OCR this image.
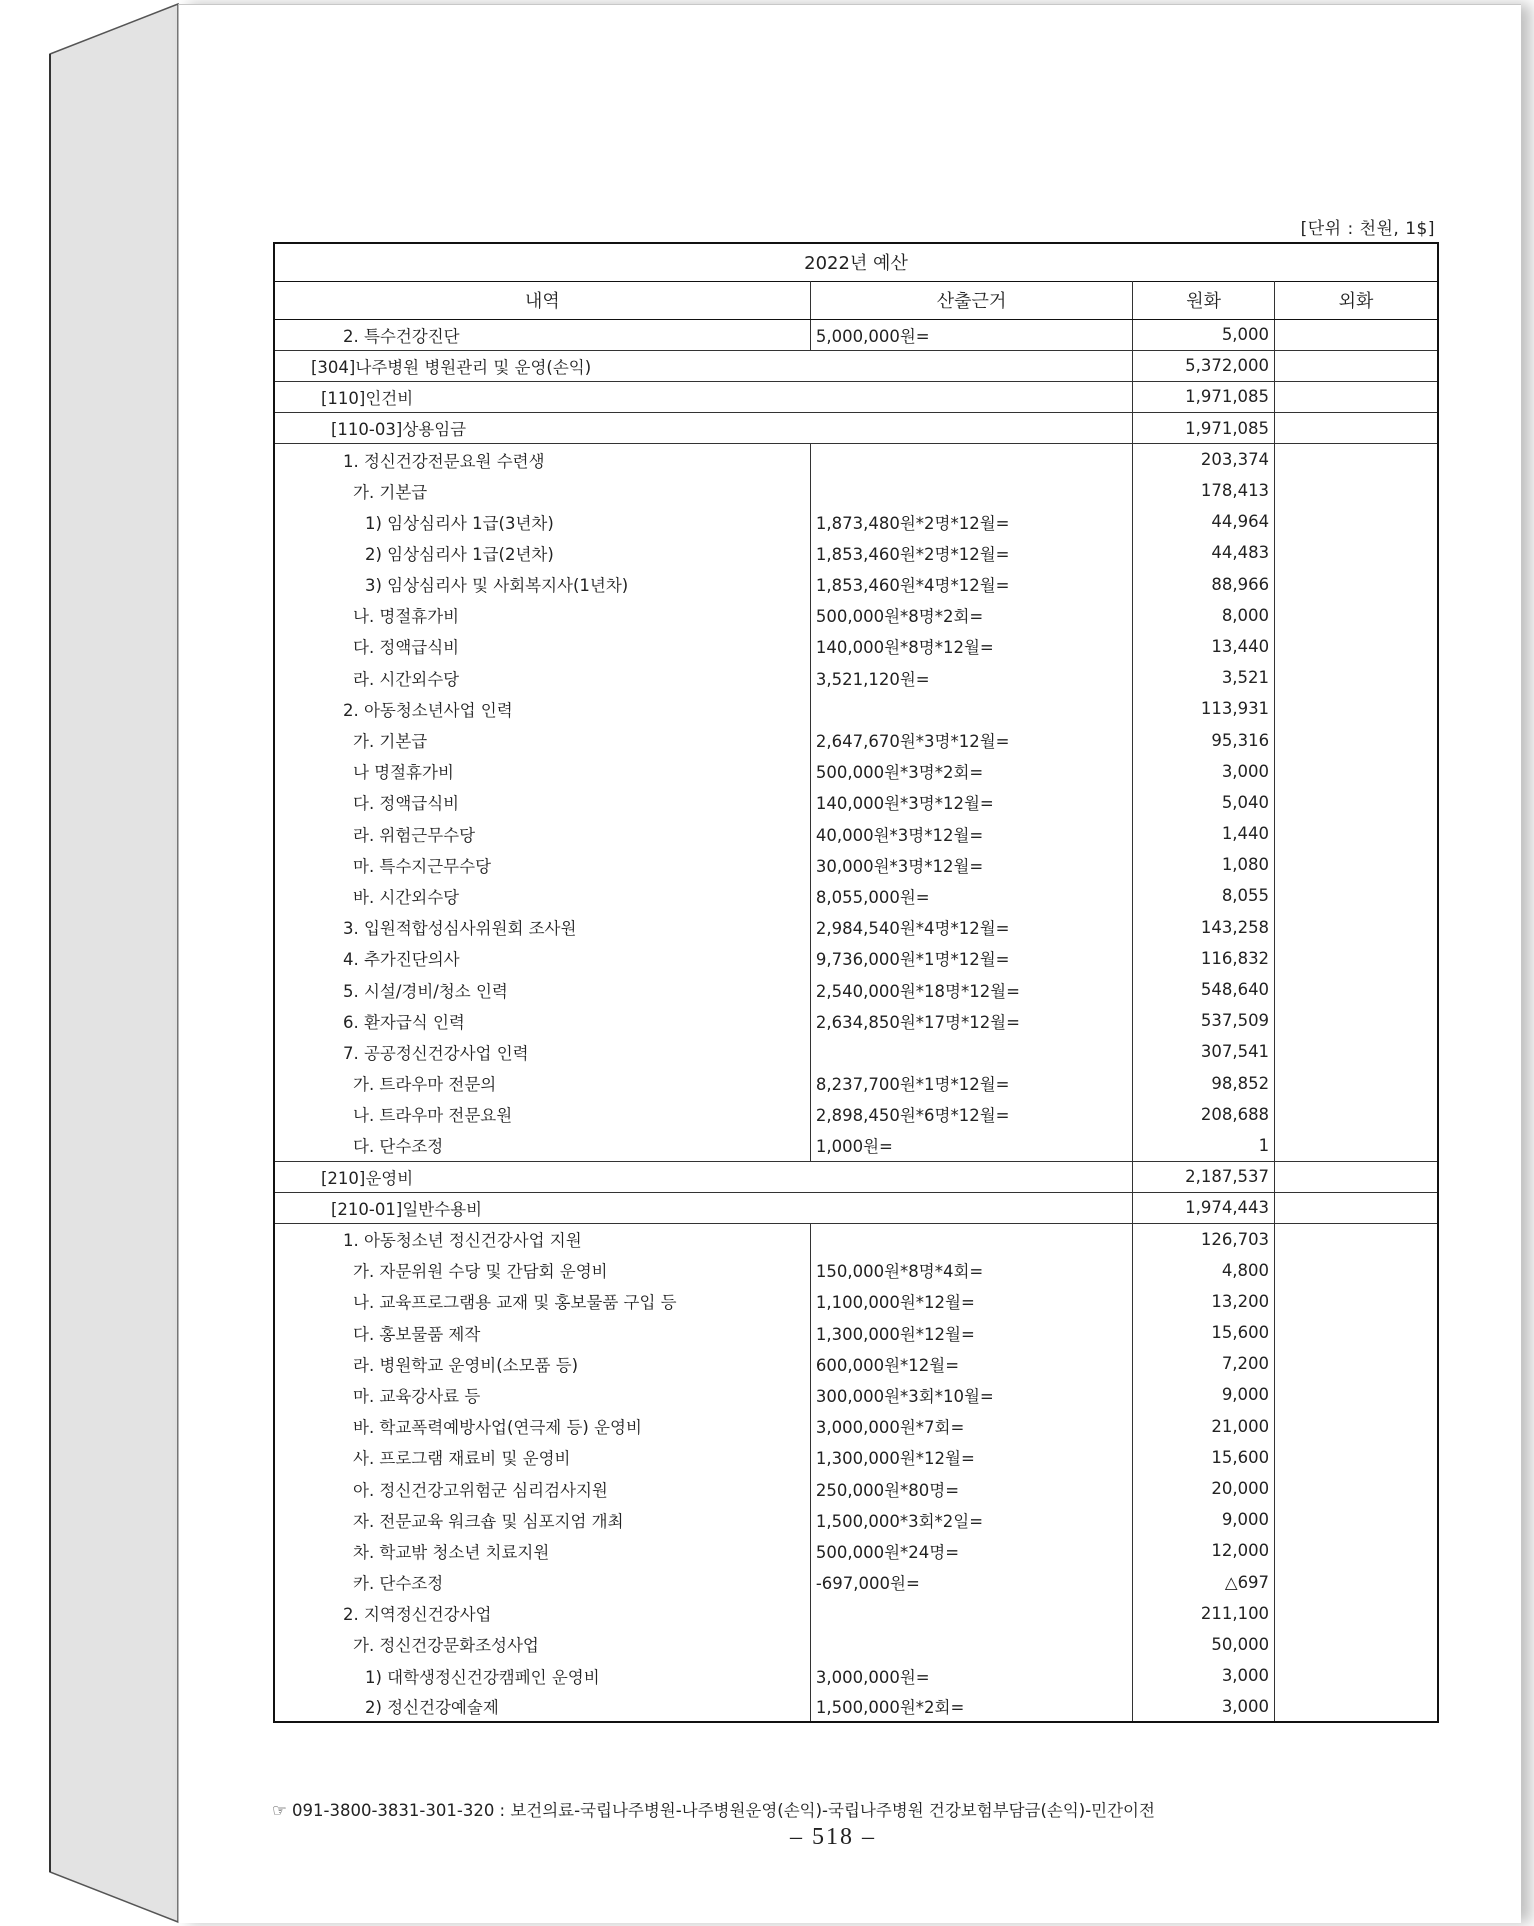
[단위 : 천원, 1$]
2022년 예산			
내역	산출근거	원화	외화
2. 특수건강진단	5,000,000원=	5,000	
[304]나주병원 병원관리 및 운영(손익)		5,372,000	
[110]인건비		1,971,085	
[110-03]상용임금		1,971,085	
1. 정신건강전문요원 수련생		203,374	
가. 기본급		178,413	
1) 임상심리사 1급(3년차)	1,873,480원*2명*12월=	44,964	
2) 임상심리사 1급(2년차)	1,853,460원*2명*12월=	44,483	
3) 임상심리사 및 사회복지사(1년차)	1,853,460원*4명*12월=	88,966	
나. 명절휴가비	500,000원*8명*2회=	8,000	
다. 정액급식비	140,000원*8명*12월=	13,440	
라. 시간외수당	3,521,120원=	3,521	
2. 아동청소년사업 인력		113,931	
가. 기본급	2,647,670원*3명*12월=	95,316	
나 명절휴가비	500,000원*3명*2회=	3,000	
다. 정액급식비	140,000원*3명*12월=	5,040	
라. 위험근무수당	40,000원*3명*12월=	1,440	
마. 특수지근무수당	30,000원*3명*12월=	1,080	
바. 시간외수당	8,055,000원=	8,055	
3. 입원적합성심사위원회 조사원	2,984,540원*4명*12월=	143,258	
4. 추가진단의사	9,736,000원*1명*12월=	116,832	
5. 시설/경비/청소 인력	2,540,000원*18명*12월=	548,640	
6. 환자급식 인력	2,634,850원*17명*12월=	537,509	
7. 공공정신건강사업 인력		307,541	
가. 트라우마 전문의	8,237,700원*1명*12월=	98,852	
나. 트라우마 전문요원	2,898,450원*6명*12월=	208,688	
다. 단수조정	1,000원=	1	
[210]운영비		2,187,537	
[210-01]일반수용비		1,974,443	
1. 아동청소년 정신건강사업 지원		126,703	
가. 자문위원 수당 및 간담회 운영비	150,000원*8명*4회=	4,800	
나. 교육프로그램용 교재 및 홍보물품 구입 등	1,100,000원*12월=	13,200	
다. 홍보물품 제작	1,300,000원*12월=	15,600	
라. 병원학교 운영비(소모품 등)	600,000원*12월=	7,200	
마. 교육강사료 등	300,000원*3회*10월=	9,000	
바. 학교폭력예방사업(연극제 등) 운영비	3,000,000원*7회=	21,000	
사. 프로그램 재료비 및 운영비	1,300,000원*12월=	15,600	
아. 정신건강고위험군 심리검사지원	250,000원*80명=	20,000	
자. 전문교육 워크숍 및 심포지엄 개최	1,500,000*3회*2일=	9,000	
차. 학교밖 청소년 치료지원	500,000원*24명=	12,000	
카. 단수조정	-697,000원=	△697	
2. 지역정신건강사업		211,100	
가. 정신건강문화조성사업		50,000	
1) 대학생정신건강캠페인 운영비	3,000,000원=	3,000	
2) 정신건강예술제	1,500,000원*2회=	3,000	
☞ 091-3800-3831-301-320 : 보건의료-국립나주병원-나주병원운영(손익)-국립나주병원 건강보험부담금(손익)-민간이전
– 518 –
